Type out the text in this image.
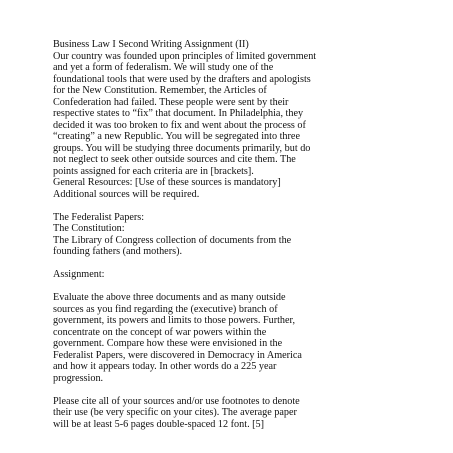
Business Law I Second Writing Assignment (II)
Our country was founded upon principles of limited government
and yet a form of federalism. We will study one of the
foundational tools that were used by the drafters and apologists
for the New Constitution. Remember, the Articles of
Confederation had failed. These people were sent by their
respective states to “fix” that document. In Philadelphia, they
decided it was too broken to fix and went about the process of
“creating” a new Republic. You will be segregated into three
groups. You will be studying three documents primarily, but do
not neglect to seek other outside sources and cite them. The
points assigned for each criteria are in [brackets].
General Resources: [Use of these sources is mandatory]
Additional sources will be required.
The Federalist Papers:
The Constitution:
The Library of Congress collection of documents from the
founding fathers (and mothers).
Assignment:
Evaluate the above three documents and as many outside
sources as you find regarding the (executive) branch of
government, its powers and limits to those powers. Further,
concentrate on the concept of war powers within the
government. Compare how these were envisioned in the
Federalist Papers, were discovered in Democracy in America
and how it appears today. In other words do a 225 year
progression.
Please cite all of your sources and/or use footnotes to denote
their use (be very specific on your cites). The average paper
will be at least 5-6 pages double-spaced 12 font. [5]
